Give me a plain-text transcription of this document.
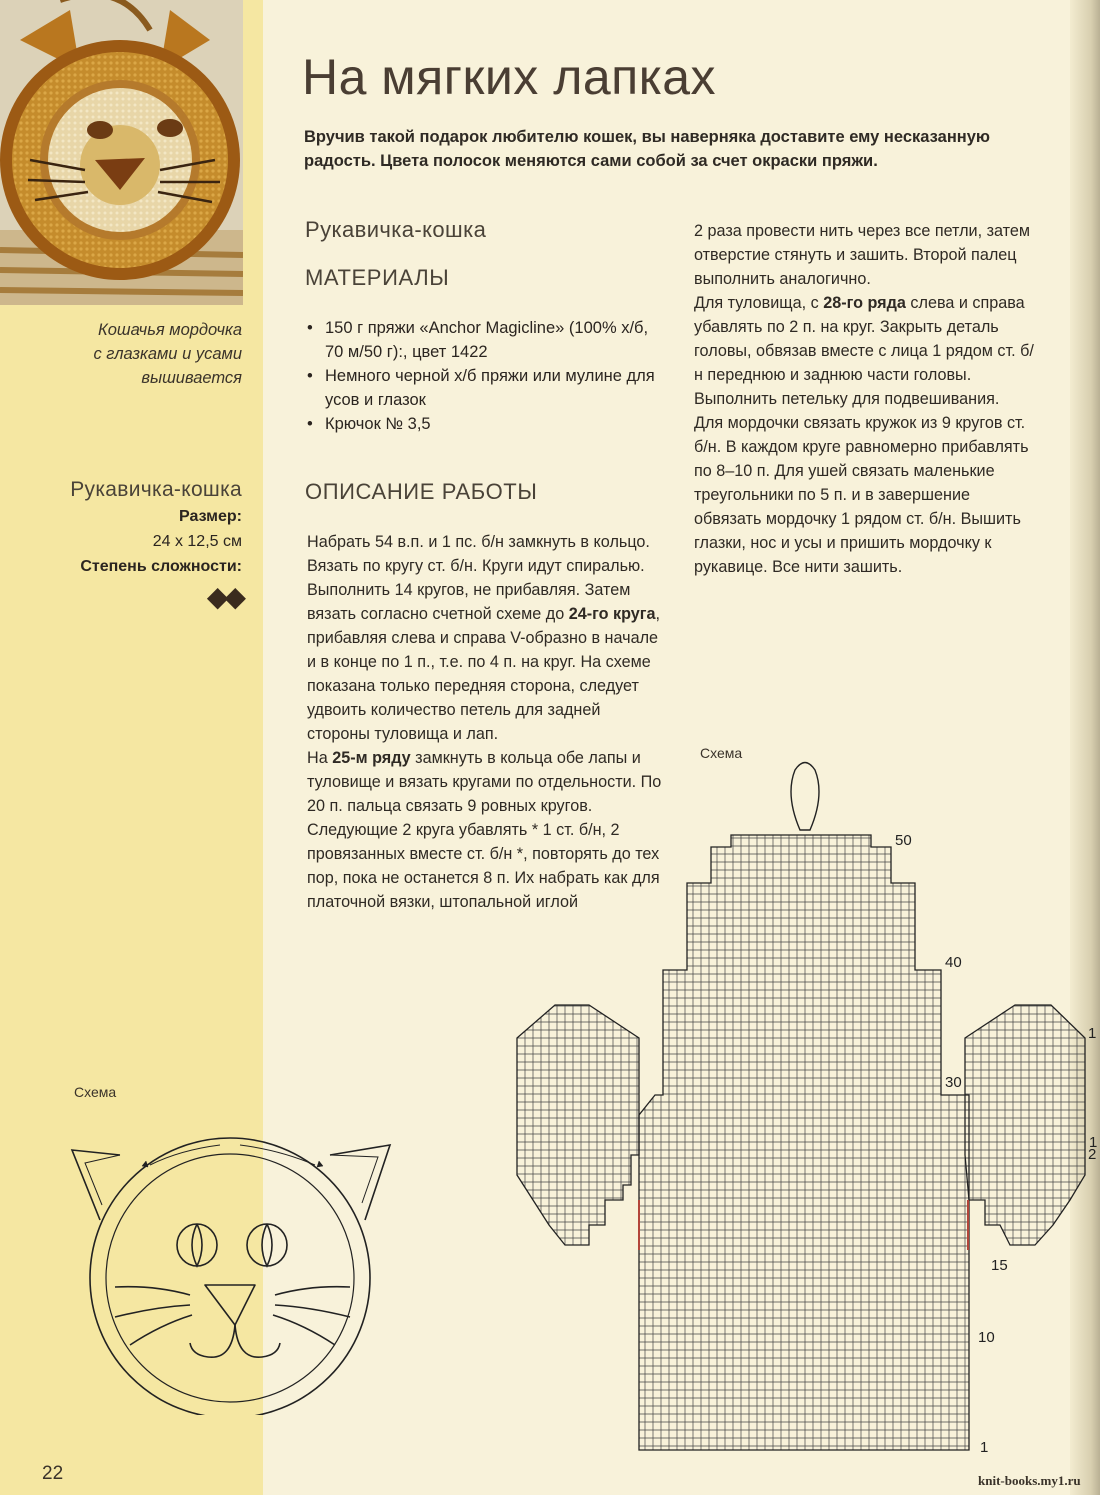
Кошачья мордочка
с глазками и усами
вышивается
Рукавичка-кошка
Размер:
24 х 12,5 см
Степень сложности:
◆◆
На мягких лапках
Вручив такой подарок любителю кошек, вы наверняка доставите ему несказанную радость. Цвета полосок меняются сами собой за счет окраски пряжи.
Рукавичка-кошка
МАТЕРИАЛЫ
• 150 г пряжи «Anchor Magicline» (100% х/б, 70 м/50 г):, цвет 1422
• Немного черной х/б пряжи или мулине для усов и глазок
• Крючок № 3,5
ОПИСАНИЕ РАБОТЫ

Набрать 54 в.п. и 1 пс. б/н замкнуть в кольцо. Вязать по кругу ст. б/н. Круги идут спиралью. Выполнить 14 кругов, не прибавляя. Затем вязать согласно счетной схеме до 24-го круга, прибавляя слева и справа V-образно в начале и в конце по 1 п., т.е. по 4 п. на круг. На схеме показана только передняя сторона, следует удвоить количество петель для задней стороны туловища и лап.

На 25-м ряду замкнуть в кольца обе лапы и туловище и вязать кругами по отдельности. По 20 п. пальца связать 9 ровных кругов. Следующие 2 круга убавлять * 1 ст. б/н, 2 провязанных вместе ст. б/н *, повторять до тех пор, пока не останется 8 п. Их набрать как для платочной вязки, штопальной иглой

2 раза провести нить через все петли, затем отверстие стянуть и зашить. Второй палец выполнить аналогично.

Для туловища, с 28-го ряда слева и справа убавлять по 2 п. на круг. Закрыть деталь головы, обвязав вместе с лица 1 рядом ст. б/н переднюю и заднюю части головы. Выполнить петельку для подвешивания.

Для мордочки связать кружок из 9 кругов ст. б/н. В каждом круге равномерно прибавлять по 8–10 п. Для ушей связать маленькие треугольники по 5 п. и в завершение обвязать мордочку 1 рядом ст. б/н. Вышить глазки, нос и усы и пришить мордочку к рукавице. Все нити зашить.

Схема
1
10
15
30
40
50
1
1
2
Схема
22	knit-books.my1.ru
